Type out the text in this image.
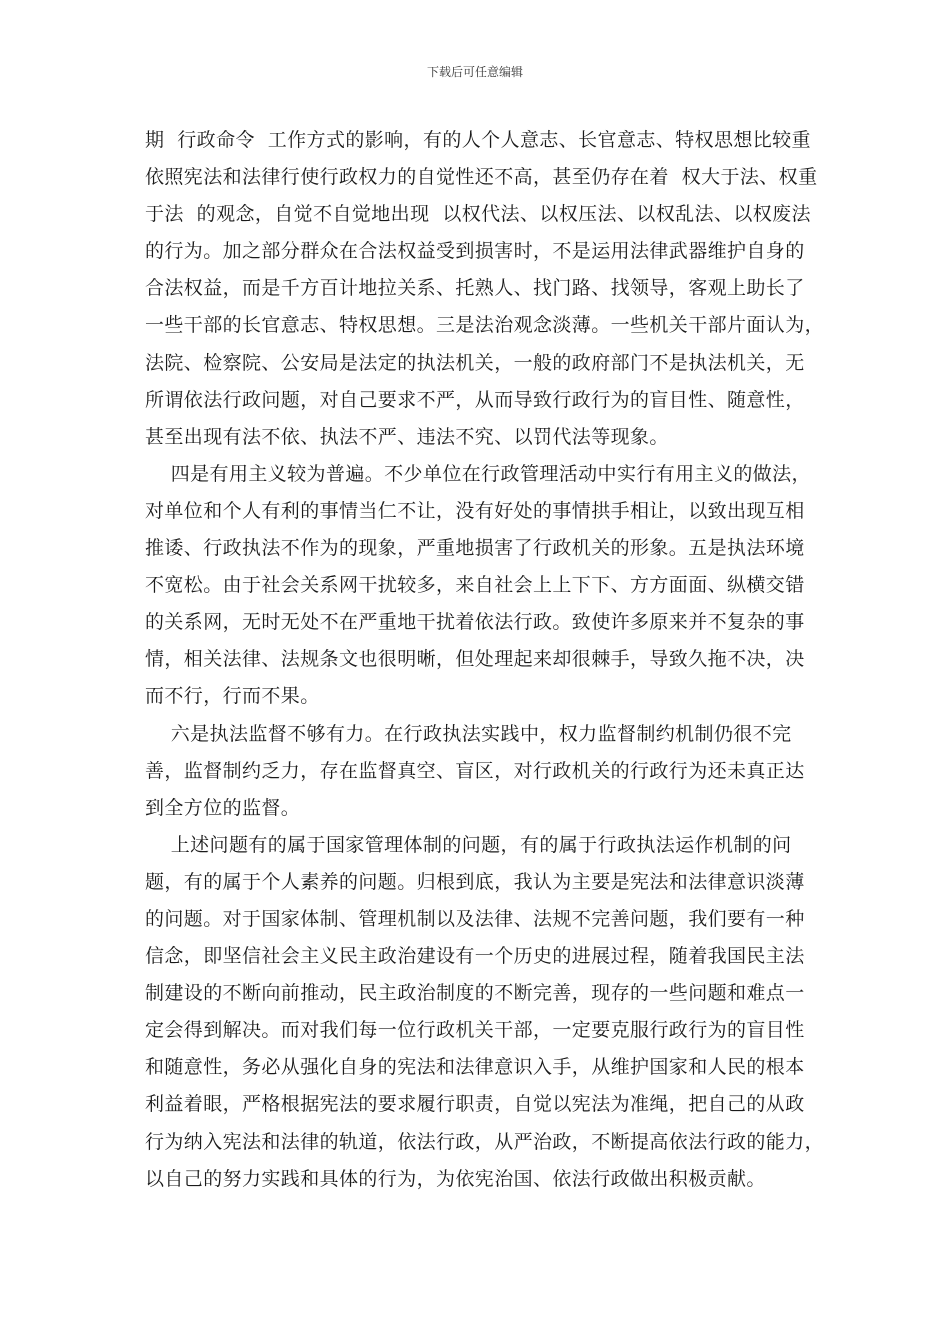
下载后可任意编辑
期  行政命令  工作方式的影响，有的人个人意志、长官意志、特权思想比较重
依照宪法和法律行使行政权力的自觉性还不高，甚至仍存在着  权大于法、权重
于法  的观念，自觉不自觉地出现  以权代法、以权压法、以权乱法、以权废法
的行为。加之部分群众在合法权益受到损害时，不是运用法律武器维护自身的
合法权益，而是千方百计地拉关系、托熟人、找门路、找领导，客观上助长了
一些干部的长官意志、特权思想。三是法治观念淡薄。一些机关干部片面认为，
法院、检察院、公安局是法定的执法机关，一般的政府部门不是执法机关，无
所谓依法行政问题，对自己要求不严，从而导致行政行为的盲目性、随意性，
甚至出现有法不依、执法不严、违法不究、以罚代法等现象。
四是有用主义较为普遍。不少单位在行政管理活动中实行有用主义的做法，
对单位和个人有利的事情当仁不让，没有好处的事情拱手相让，以致出现互相
推诿、行政执法不作为的现象，严重地损害了行政机关的形象。五是执法环境
不宽松。由于社会关系网干扰较多，来自社会上上下下、方方面面、纵横交错
的关系网，无时无处不在严重地干扰着依法行政。致使许多原来并不复杂的事
情，相关法律、法规条文也很明晰，但处理起来却很棘手，导致久拖不决，决
而不行，行而不果。
六是执法监督不够有力。在行政执法实践中，权力监督制约机制仍很不完
善，监督制约乏力，存在监督真空、盲区，对行政机关的行政行为还未真正达
到全方位的监督。
上述问题有的属于国家管理体制的问题，有的属于行政执法运作机制的问
题，有的属于个人素养的问题。归根到底，我认为主要是宪法和法律意识淡薄
的问题。对于国家体制、管理机制以及法律、法规不完善问题，我们要有一种
信念，即坚信社会主义民主政治建设有一个历史的进展过程，随着我国民主法
制建设的不断向前推动，民主政治制度的不断完善，现存的一些问题和难点一
定会得到解决。而对我们每一位行政机关干部，一定要克服行政行为的盲目性
和随意性，务必从强化自身的宪法和法律意识入手，从维护国家和人民的根本
利益着眼，严格根据宪法的要求履行职责，自觉以宪法为准绳，把自己的从政
行为纳入宪法和法律的轨道，依法行政，从严治政，不断提高依法行政的能力，
以自己的努力实践和具体的行为，为依宪治国、依法行政做出积极贡献。
